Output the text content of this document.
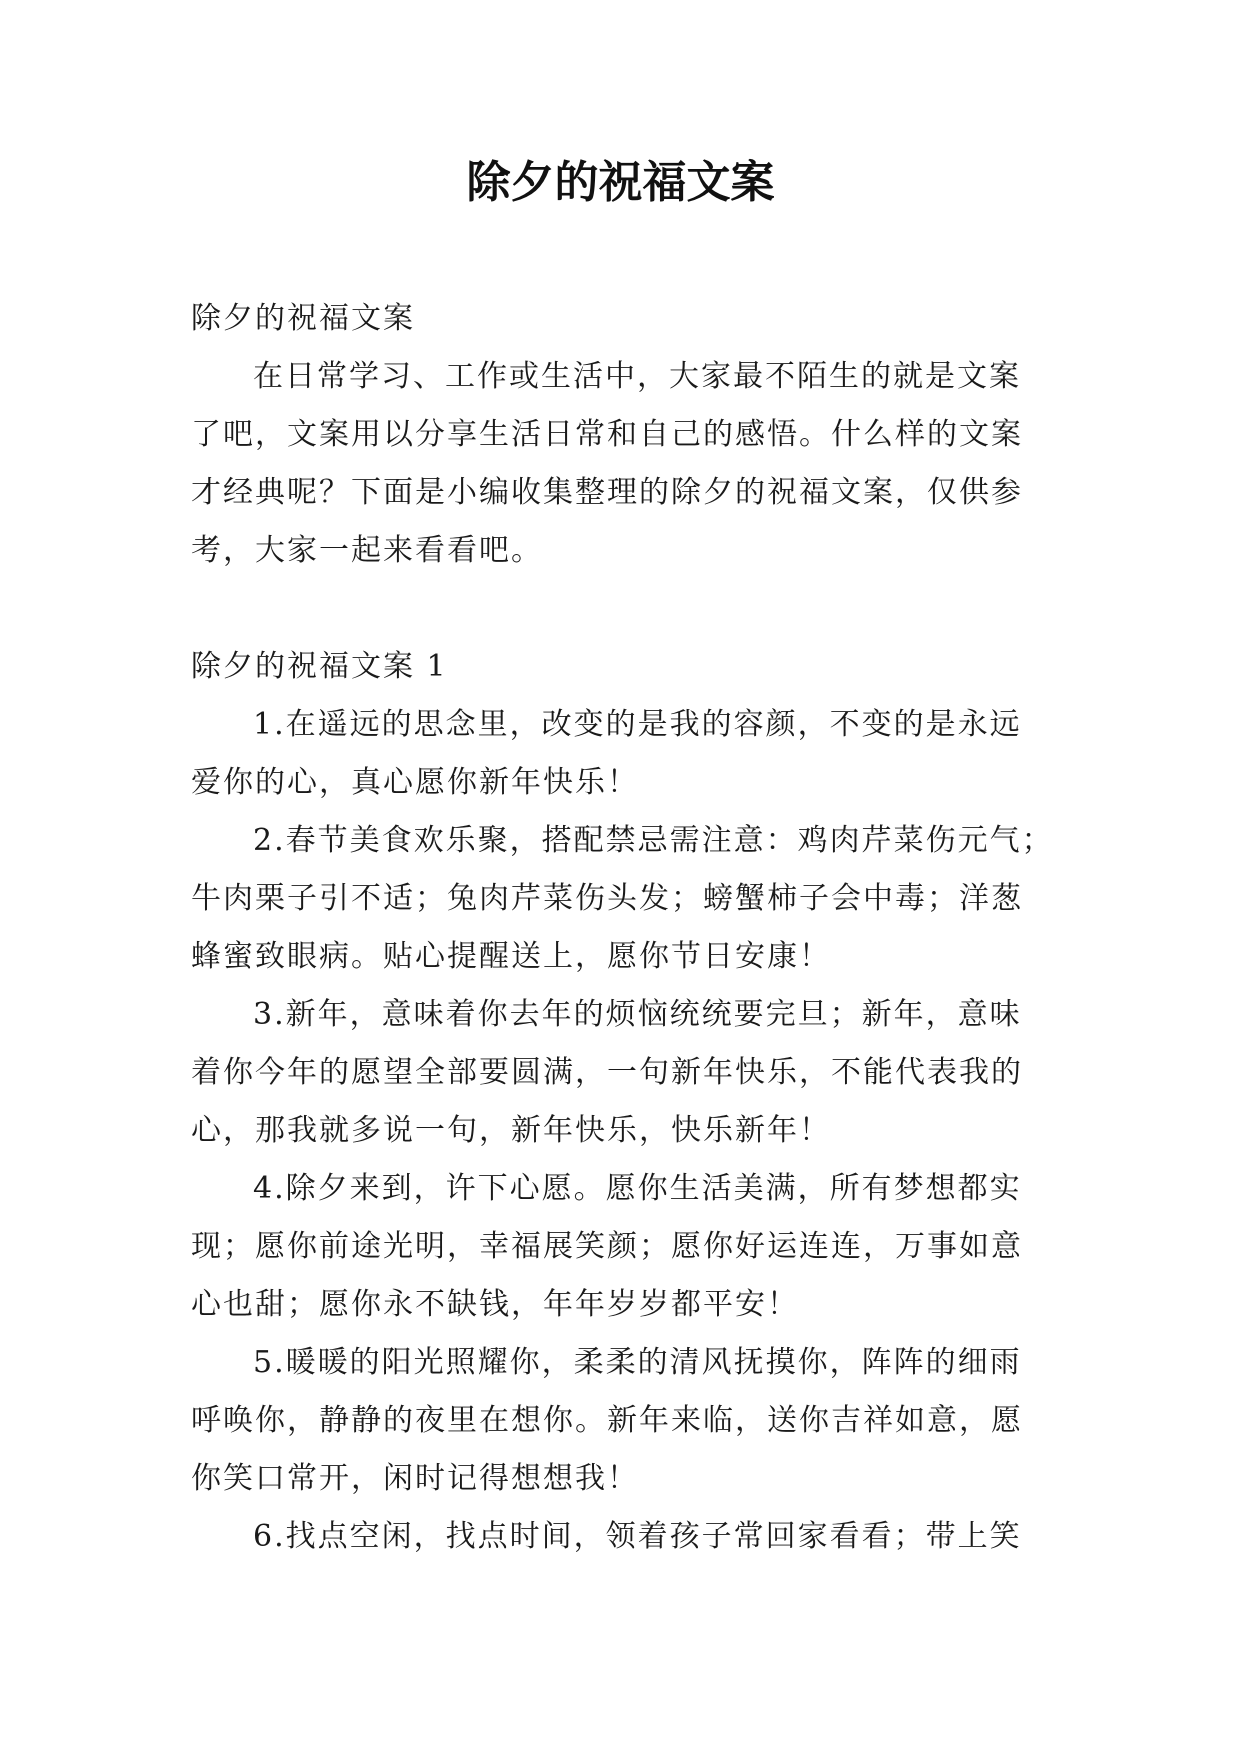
除夕的祝福文案

除夕的祝福文案

在日常学习、工作或生活中，大家最不陌生的就是文案

了吧，文案用以分享生活日常和自己的感悟。什么样的文案

才经典呢？下面是小编收集整理的除夕的祝福文案，仅供参

考，大家一起来看看吧。

除夕的祝福文案 1

1.在遥远的思念里，改变的是我的容颜，不变的是永远

爱你的心，真心愿你新年快乐！

2.春节美食欢乐聚，搭配禁忌需注意：鸡肉芹菜伤元气；

牛肉栗子引不适；兔肉芹菜伤头发；螃蟹柿子会中毒；洋葱

蜂蜜致眼病。贴心提醒送上，愿你节日安康！

3.新年，意味着你去年的烦恼统统要完旦；新年，意味

着你今年的愿望全部要圆满，一句新年快乐，不能代表我的

心，那我就多说一句，新年快乐，快乐新年！

4.除夕来到，许下心愿。愿你生活美满，所有梦想都实

现；愿你前途光明，幸福展笑颜；愿你好运连连，万事如意

心也甜；愿你永不缺钱，年年岁岁都平安！

5.暖暖的阳光照耀你，柔柔的清风抚摸你，阵阵的细雨

呼唤你，静静的夜里在想你。新年来临，送你吉祥如意，愿

你笑口常开，闲时记得想想我！

6.找点空闲，找点时间，领着孩子常回家看看；带上笑
